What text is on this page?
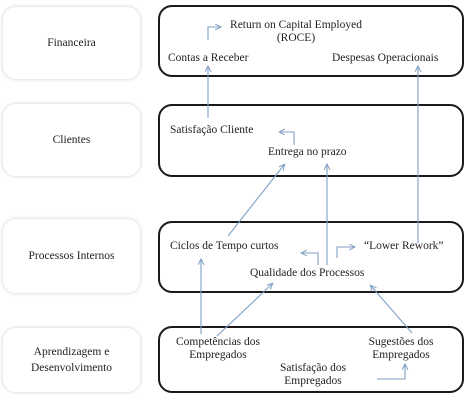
Financeira
Clientes
Processos Internos
Aprendizagem e Desenvolvimento
Return on Capital Employed
(ROCE)
Contas a Receber	Despesas Operacionais
Satisfação Cliente
Entrega no prazo
Ciclos de Tempo curtos	“Lower Rework”
Qualidade dos Processos
Competências dos
Empregados
Sugestões dos
Empregados
Satisfação dos
Empregados
